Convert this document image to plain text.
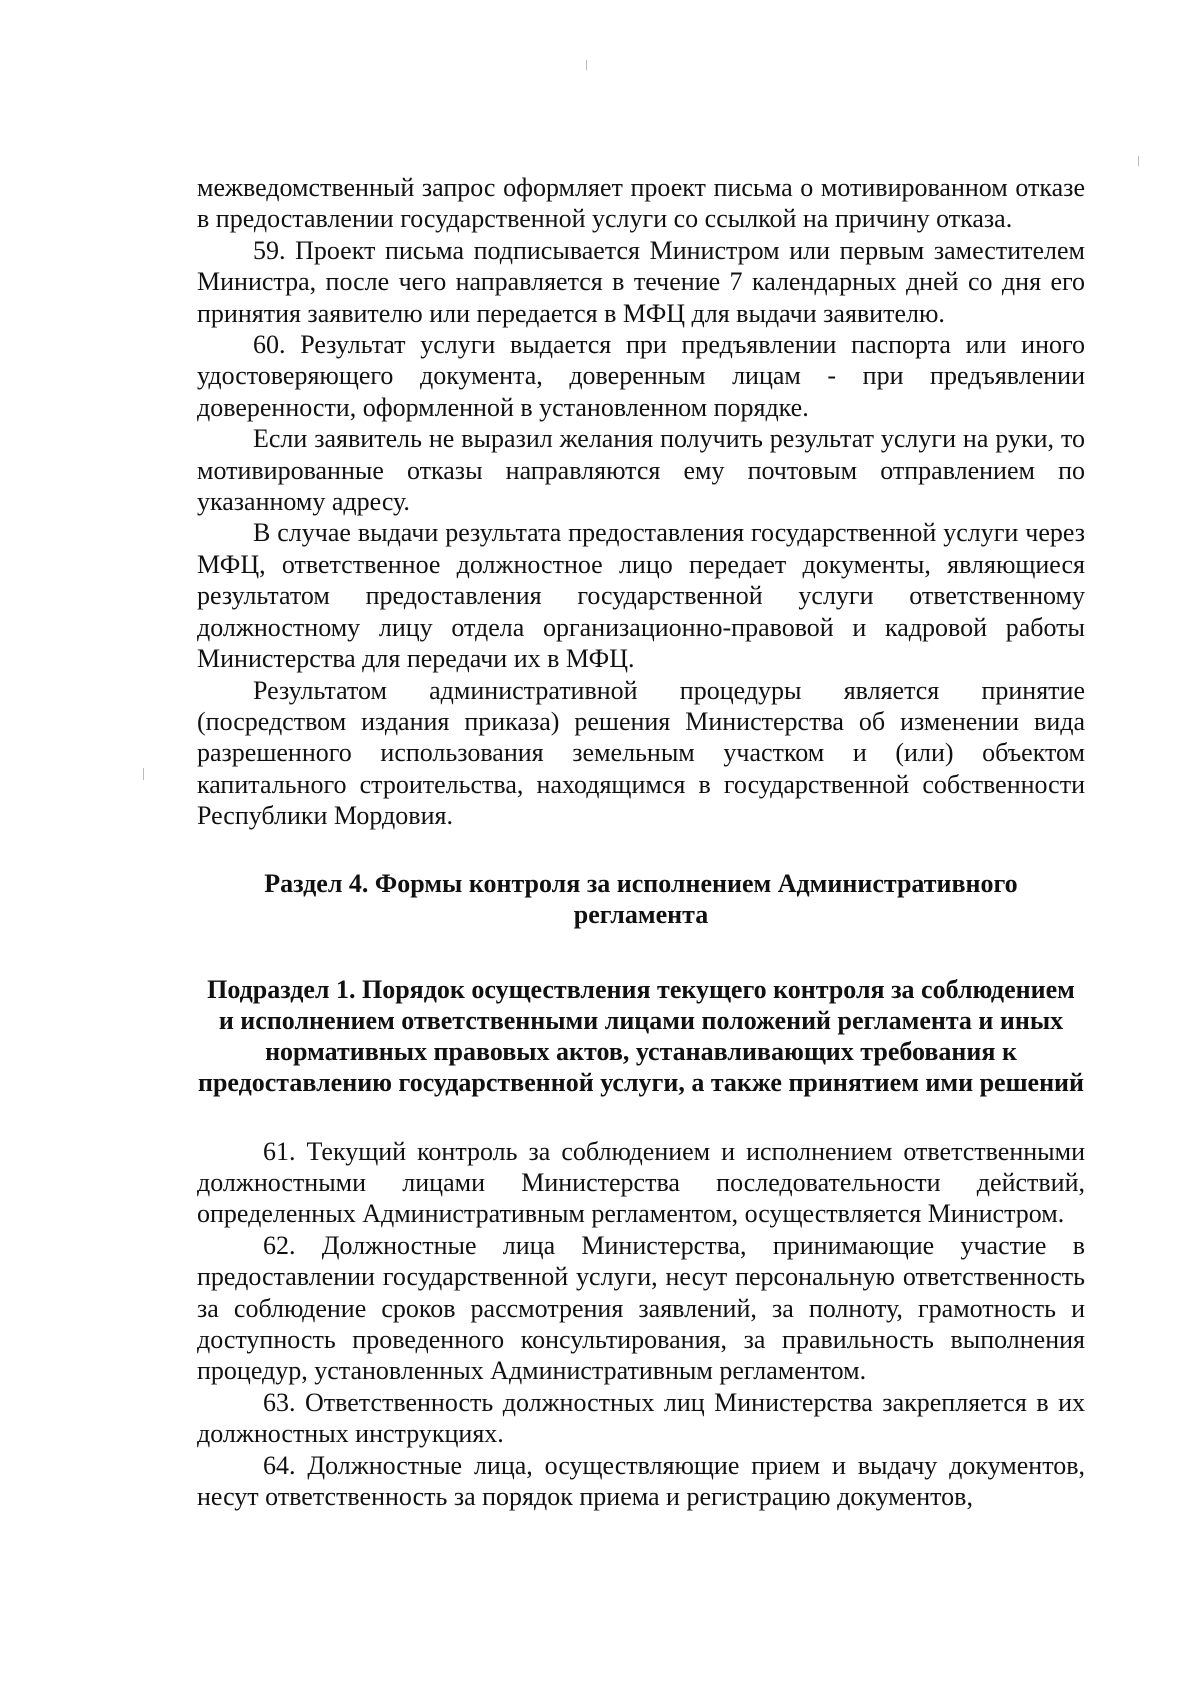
межведомственный запрос оформляет проект письма о мотивированном отказе в предоставлении государственной услуги со ссылкой на причину отказа.

59. Проект письма подписывается Министром или первым заместителем Министра, после чего направляется в течение 7 календарных дней со дня его принятия заявителю или передается в МФЦ для выдачи заявителю.

60. Результат услуги выдается при предъявлении паспорта или иного удостоверяющего документа, доверенным лицам - при предъявлении доверенности, оформленной в установленном порядке.

Если заявитель не выразил желания получить результат услуги на руки, то мотивированные отказы направляются ему почтовым отправлением по указанному адресу.

В случае выдачи результата предоставления государственной услуги через МФЦ, ответственное должностное лицо передает документы, являющиеся результатом предоставления государственной услуги ответственному должностному лицу отдела организационно-правовой и кадровой работы Министерства для передачи их в МФЦ.

Результатом административной процедуры является принятие (посредством издания приказа) решения Министерства об изменении вида разрешенного использования земельным участком и (или) объектом капитального строительства, находящимся в государственной собственности Республики Мордовия.

Раздел 4. Формы контроля за исполнением Административного регламента
Подраздел 1. Порядок осуществления текущего контроля за соблюдением и исполнением ответственными лицами положений регламента и иных нормативных правовых актов, устанавливающих требования к предоставлению государственной услуги, а также принятием ими решений

61. Текущий контроль за соблюдением и исполнением ответственными должностными лицами Министерства последовательности действий, определенных Административным регламентом, осуществляется Министром.

62. Должностные лица Министерства, принимающие участие в предоставлении государственной услуги, несут персональную ответственность за соблюдение сроков рассмотрения заявлений, за полноту, грамотность и доступность проведенного консультирования, за правильность выполнения процедур, установленных Административным регламентом.

63. Ответственность должностных лиц Министерства закрепляется в их должностных инструкциях.

64. Должностные лица, осуществляющие прием и выдачу документов, несут ответственность за порядок приема и регистрацию документов,
